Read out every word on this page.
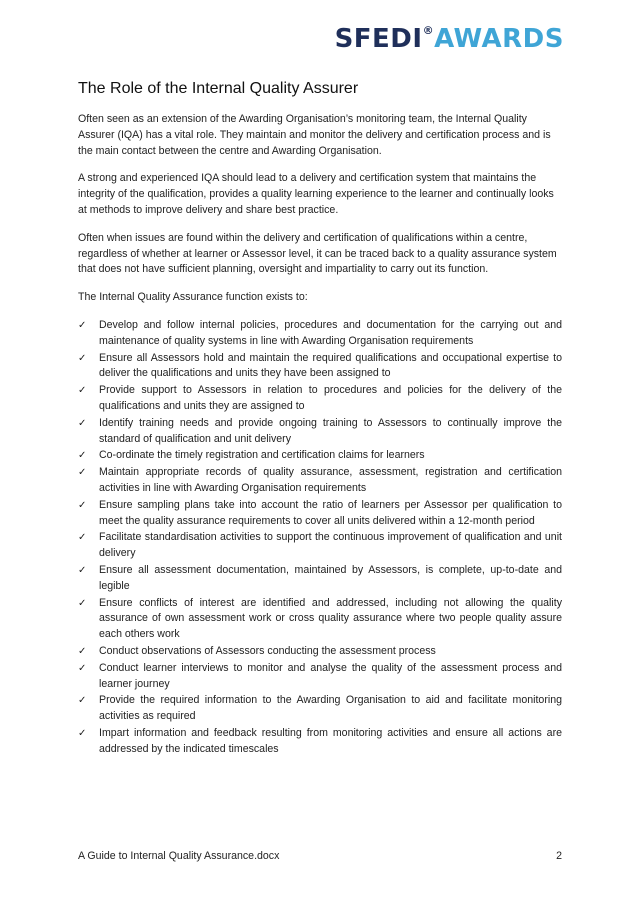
SFEDI®AWARDS
The Role of the Internal Quality Assurer

Often seen as an extension of the Awarding Organisation’s monitoring team, the Internal Quality Assurer (IQA) has a vital role. They maintain and monitor the delivery and certification process and is the main contact between the centre and Awarding Organisation.

A strong and experienced IQA should lead to a delivery and certification system that maintains the integrity of the qualification, provides a quality learning experience to the learner and continually looks at methods to improve delivery and share best practice.

Often when issues are found within the delivery and certification of qualifications within a centre, regardless of whether at learner or Assessor level, it can be traced back to a quality assurance system that does not have sufficient planning, oversight and impartiality to carry out its function.

The Internal Quality Assurance function exists to:

✓ Develop and follow internal policies, procedures and documentation for the carrying out and maintenance of quality systems in line with Awarding Organisation requirements
✓ Ensure all Assessors hold and maintain the required qualifications and occupational expertise to deliver the qualifications and units they have been assigned to
✓ Provide support to Assessors in relation to procedures and policies for the delivery of the qualifications and units they are assigned to
✓ Identify training needs and provide ongoing training to Assessors to continually improve the standard of qualification and unit delivery
✓ Co-ordinate the timely registration and certification claims for learners
✓ Maintain appropriate records of quality assurance, assessment, registration and certification activities in line with Awarding Organisation requirements
✓ Ensure sampling plans take into account the ratio of learners per Assessor per qualification to meet the quality assurance requirements to cover all units delivered within a 12-month period
✓ Facilitate standardisation activities to support the continuous improvement of qualification and unit delivery
✓ Ensure all assessment documentation, maintained by Assessors, is complete, up-to-date and legible
✓ Ensure conflicts of interest are identified and addressed, including not allowing the quality assurance of own assessment work or cross quality assurance where two people quality assure each others work
✓ Conduct observations of Assessors conducting the assessment process
✓ Conduct learner interviews to monitor and analyse the quality of the assessment process and learner journey
✓ Provide the required information to the Awarding Organisation to aid and facilitate monitoring activities as required
✓ Impart information and feedback resulting from monitoring activities and ensure all actions are addressed by the indicated timescales
A Guide to Internal Quality Assurance.docx	2
